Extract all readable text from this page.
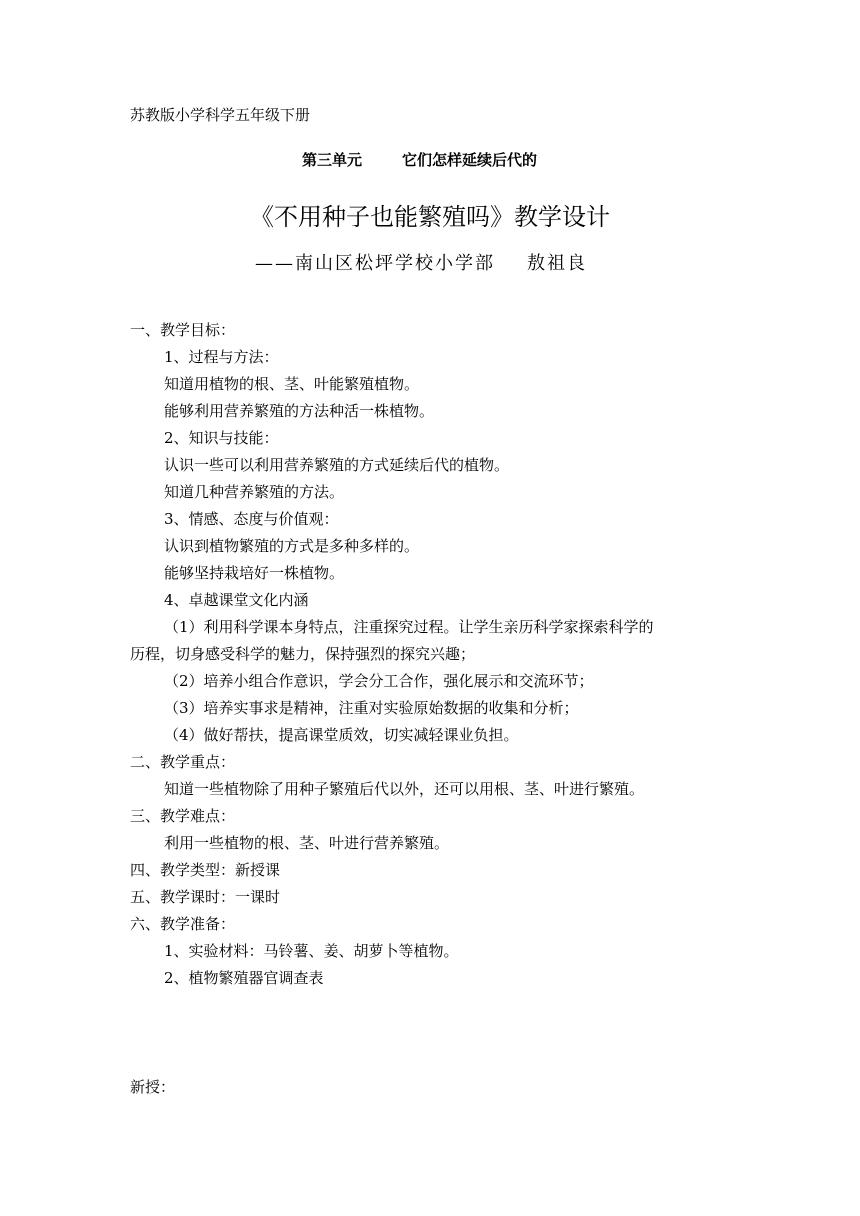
苏教版小学科学五年级下册
第三单元	它们怎样延续后代的
《不用种子也能繁殖吗》教学设计
——南山区松坪学校小学部 敖祖良
一、教学目标：
1、过程与方法：
知道用植物的根、茎、叶能繁殖植物。
能够利用营养繁殖的方法种活一株植物。
2、知识与技能：
认识一些可以利用营养繁殖的方式延续后代的植物。
知道几种营养繁殖的方法。
3、情感、态度与价值观：
认识到植物繁殖的方式是多种多样的。
能够坚持栽培好一株植物。
4、卓越课堂文化内涵
（1）利用科学课本身特点，注重探究过程。让学生亲历科学家探索科学的
历程，切身感受科学的魅力，保持强烈的探究兴趣；
（2）培养小组合作意识，学会分工合作，强化展示和交流环节；
（3）培养实事求是精神，注重对实验原始数据的收集和分析；
（4）做好帮扶，提高课堂质效，切实减轻课业负担。
二、教学重点：
知道一些植物除了用种子繁殖后代以外，还可以用根、茎、叶进行繁殖。
三、教学难点：
利用一些植物的根、茎、叶进行营养繁殖。
四、教学类型：新授课
五、教学课时：一课时
六、教学准备：
1、实验材料：马铃薯、姜、胡萝卜等植物。
2、植物繁殖器官调查表
新授：
